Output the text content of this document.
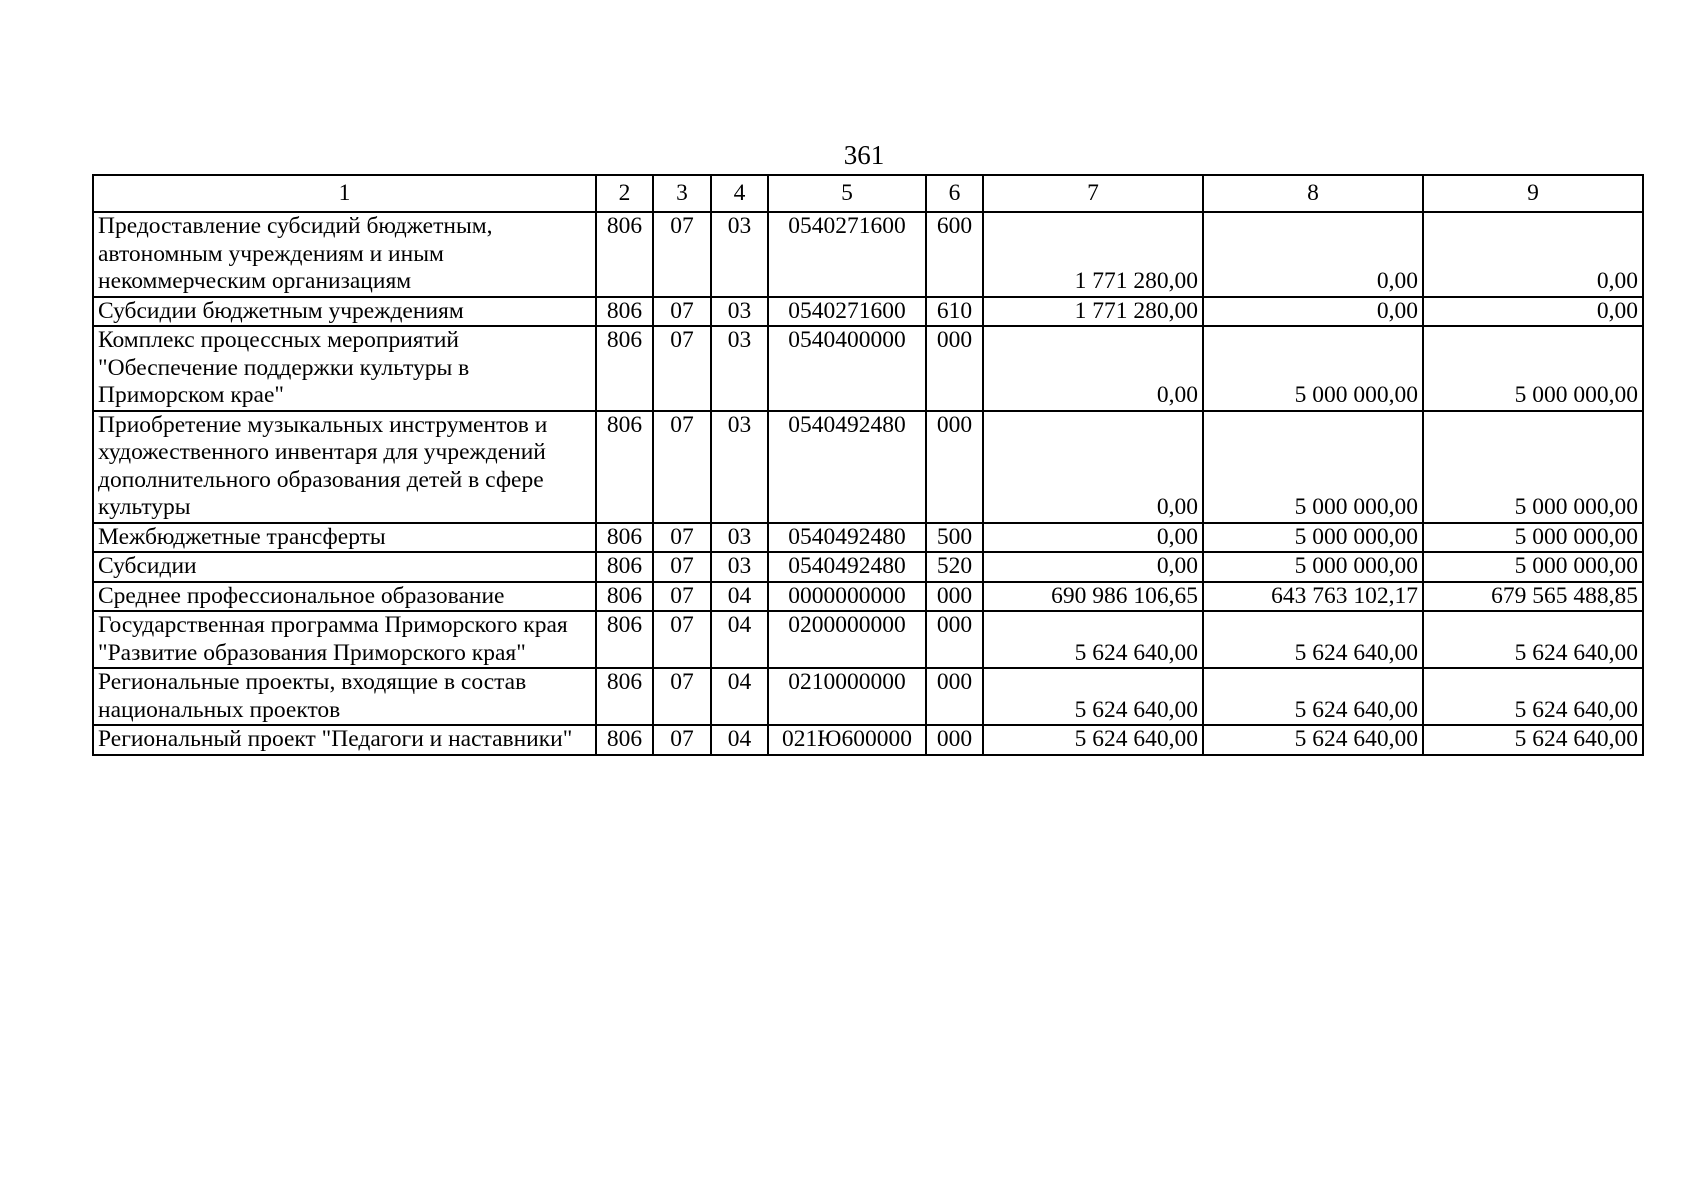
361
1	2	3	4	5	6	7	8	9
Предоставление субсидий бюджетным, автономным учреждениям и иным некоммерческим организациям	806	07	03	0540271600	600	1 771 280,00	0,00	0,00
Субсидии бюджетным учреждениям	806	07	03	0540271600	610	1 771 280,00	0,00	0,00
Комплекс процессных мероприятий "Обеспечение поддержки культуры в Приморском крае"	806	07	03	0540400000	000	0,00	5 000 000,00	5 000 000,00
Приобретение музыкальных инструментов и художественного инвентаря для учреждений дополнительного образования детей в сфере культуры	806	07	03	0540492480	000	0,00	5 000 000,00	5 000 000,00
Межбюджетные трансферты	806	07	03	0540492480	500	0,00	5 000 000,00	5 000 000,00
Субсидии	806	07	03	0540492480	520	0,00	5 000 000,00	5 000 000,00
Среднее профессиональное образование	806	07	04	0000000000	000	690 986 106,65	643 763 102,17	679 565 488,85
Государственная программа Приморского края "Развитие образования Приморского края"	806	07	04	0200000000	000	5 624 640,00	5 624 640,00	5 624 640,00
Региональные проекты, входящие в состав национальных проектов	806	07	04	0210000000	000	5 624 640,00	5 624 640,00	5 624 640,00
Региональный проект "Педагоги и наставники"	806	07	04	021Ю600000	000	5 624 640,00	5 624 640,00	5 624 640,00
